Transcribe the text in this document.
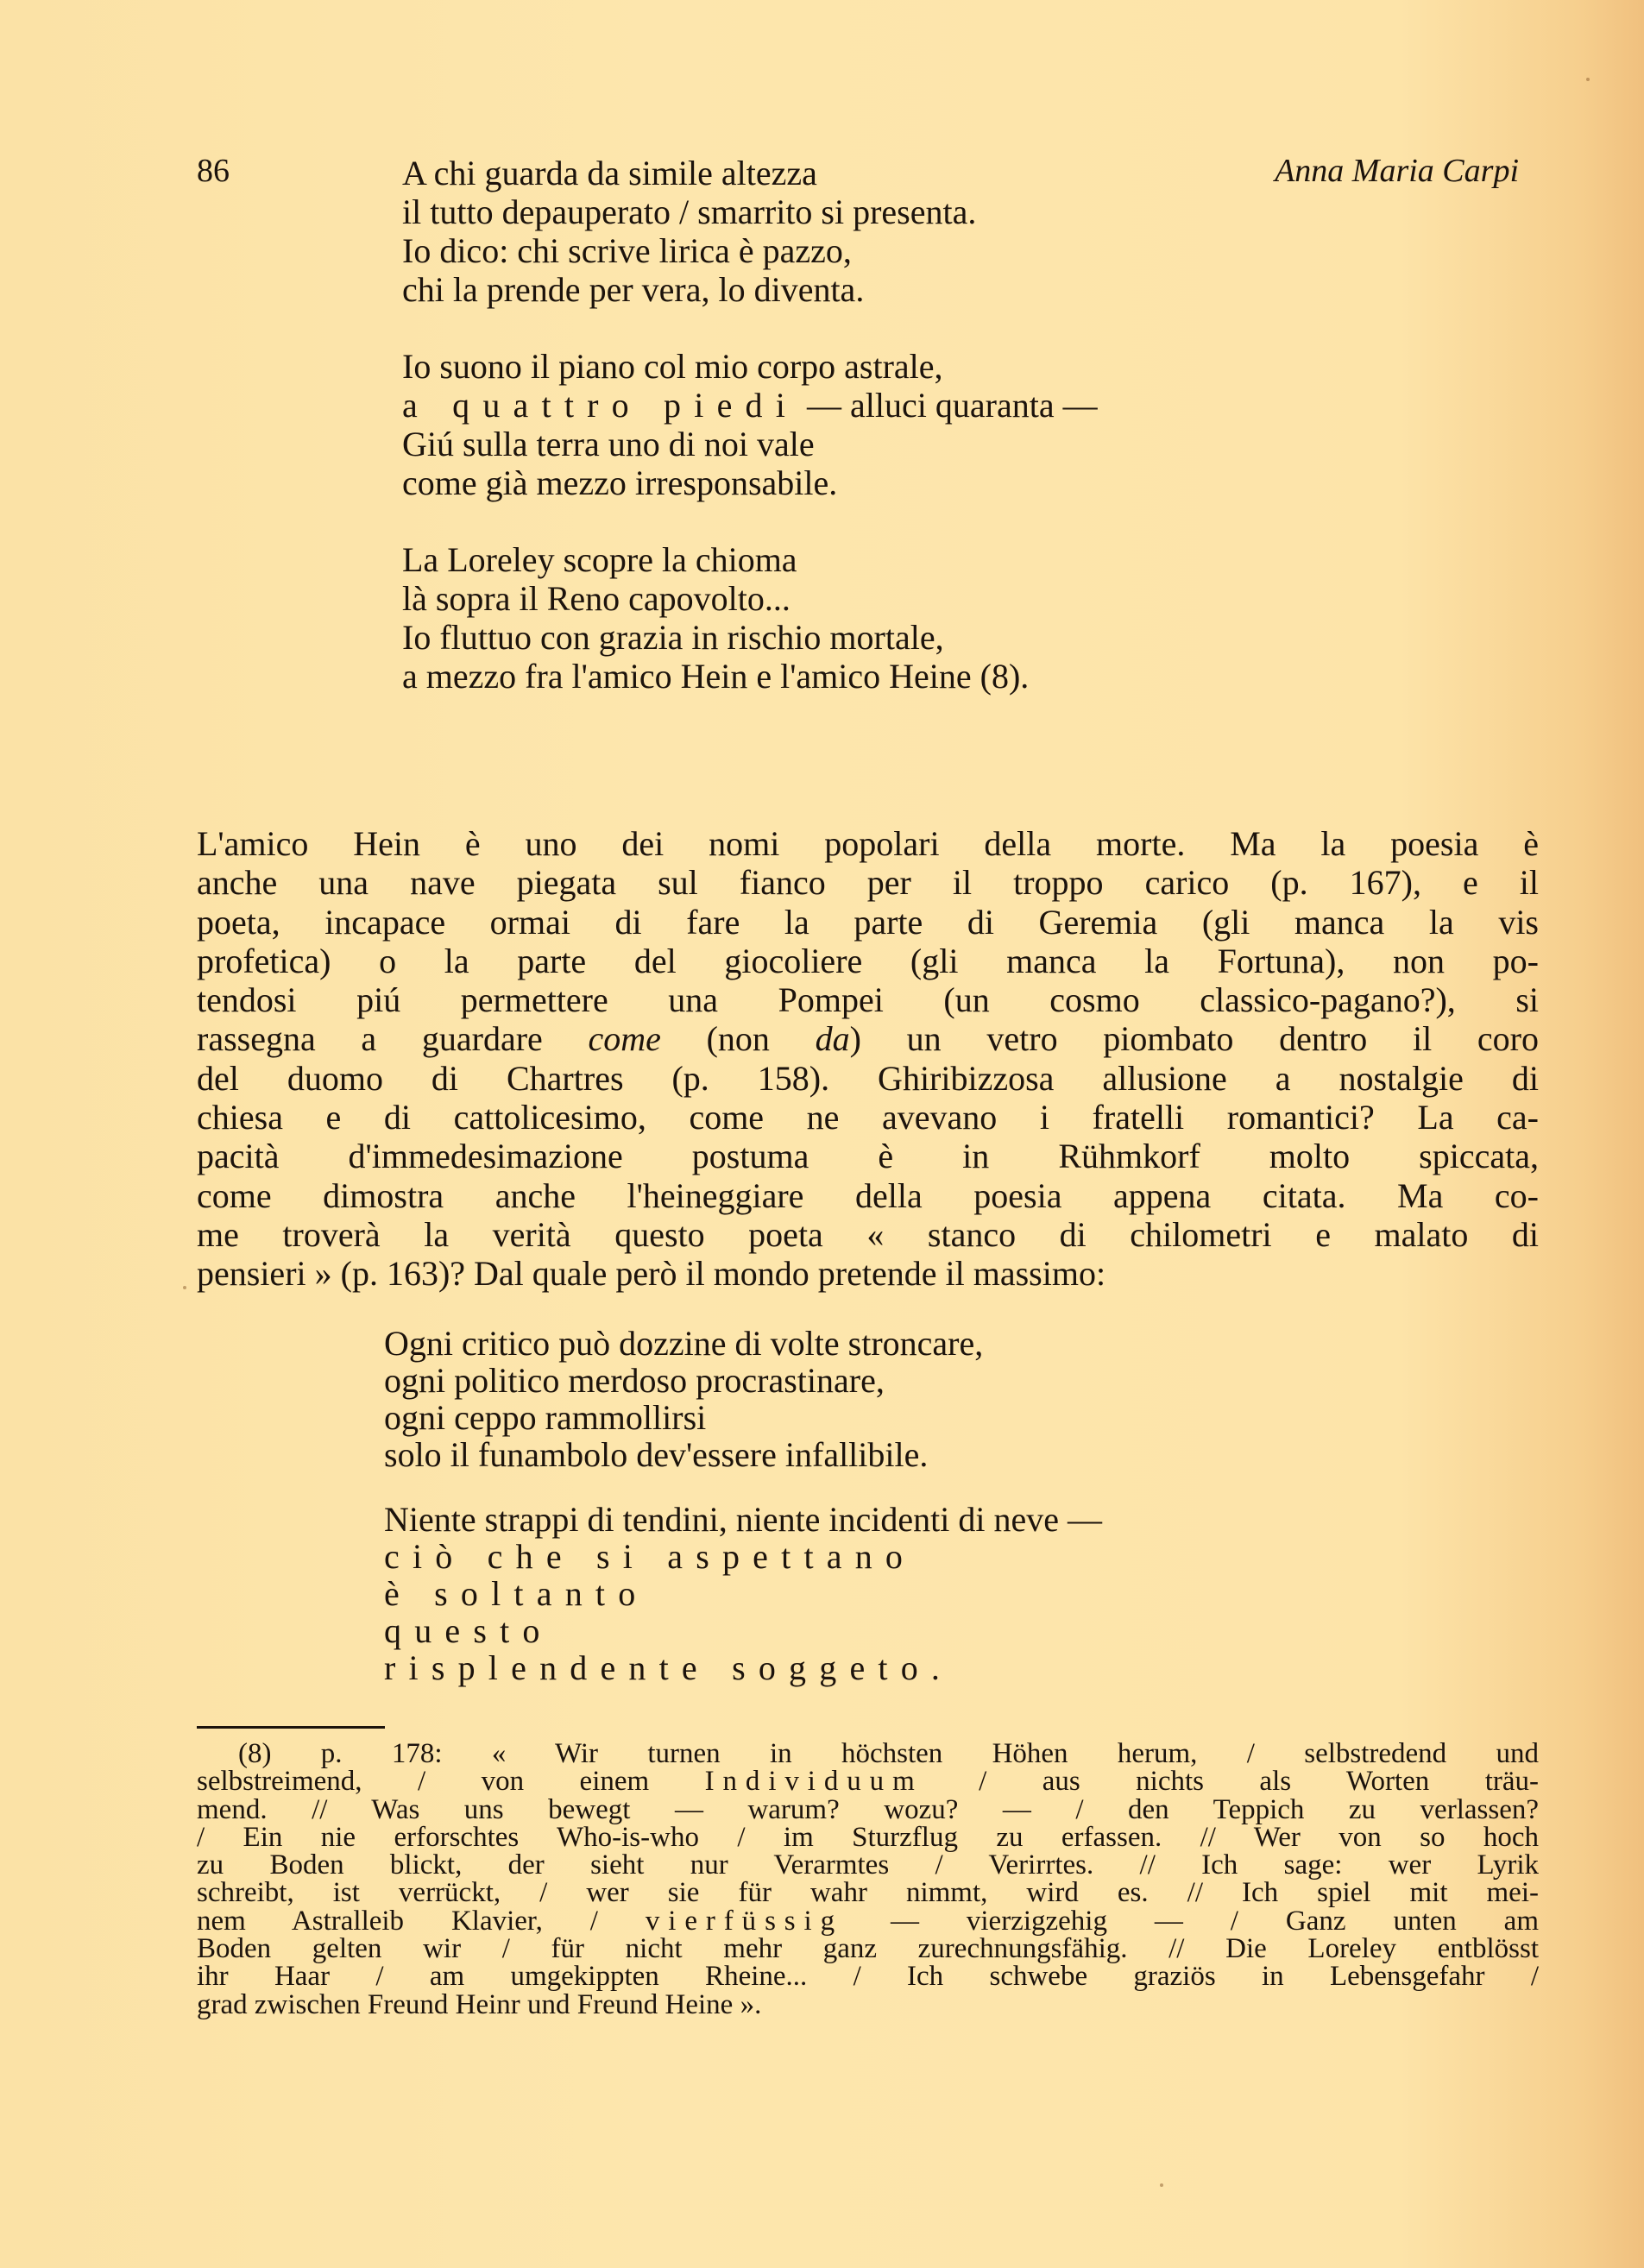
86	Anna Maria Carpi
A chi guarda da simile altezza
il tutto depauperato / smarrito si presenta.
Io dico: chi scrive lirica è pazzo,
chi la prende per vera, lo diventa.
Io suono il piano col mio corpo astrale,
a quattro piedi — alluci quaranta —
Giú sulla terra uno di noi vale
come già mezzo irresponsabile.
La Loreley scopre la chioma
là sopra il Reno capovolto...
Io fluttuo con grazia in rischio mortale,
a mezzo fra l'amico Hein e l'amico Heine (8).
L'amico Hein è uno dei nomi popolari della morte. Ma la poesia è
anche una nave piegata sul fianco per il troppo carico (p. 167), e il
poeta, incapace ormai di fare la parte di Geremia (gli manca la vis
profetica) o la parte del giocoliere (gli manca la Fortuna), non po-
tendosi piú permettere una Pompei (un cosmo classico-pagano?), si
rassegna a guardare come (non da) un vetro piombato dentro il coro
del duomo di Chartres (p. 158). Ghiribizzosa allusione a nostalgie di
chiesa e di cattolicesimo, come ne avevano i fratelli romantici? La ca-
pacità d'immedesimazione postuma è in Rühmkorf molto spiccata,
come dimostra anche l'heineggiare della poesia appena citata. Ma co-
me troverà la verità questo poeta « stanco di chilometri e malato di
pensieri » (p. 163)? Dal quale però il mondo pretende il massimo:
Ogni critico può dozzine di volte stroncare,
ogni politico merdoso procrastinare,
ogni ceppo rammollirsi
solo il funambolo dev'essere infallibile.
Niente strappi di tendini, niente incidenti di neve —
ciò che si aspettano
è soltanto
questo
risplendente soggeto.
(8) p. 178: « Wir turnen in höchsten Höhen herum, / selbstredend und
selbstreimend, / von einem Individuum / aus nichts als Worten träu-
mend. // Was uns bewegt — warum? wozu? — / den Teppich zu verlassen?
/ Ein nie erforschtes Who-is-who / im Sturzflug zu erfassen. // Wer von so hoch
zu Boden blickt, der sieht nur Verarmtes / Verirrtes. // Ich sage: wer Lyrik
schreibt, ist verrückt, / wer sie für wahr nimmt, wird es. // Ich spiel mit mei-
nem Astralleib Klavier, / vierfüssig — vierzigzehig — / Ganz unten am
Boden gelten wir / für nicht mehr ganz zurechnungsfähig. // Die Loreley entblösst
ihr Haar / am umgekippten Rheine... / Ich schwebe graziös in Lebensgefahr /
grad zwischen Freund Heinr und Freund Heine ».
